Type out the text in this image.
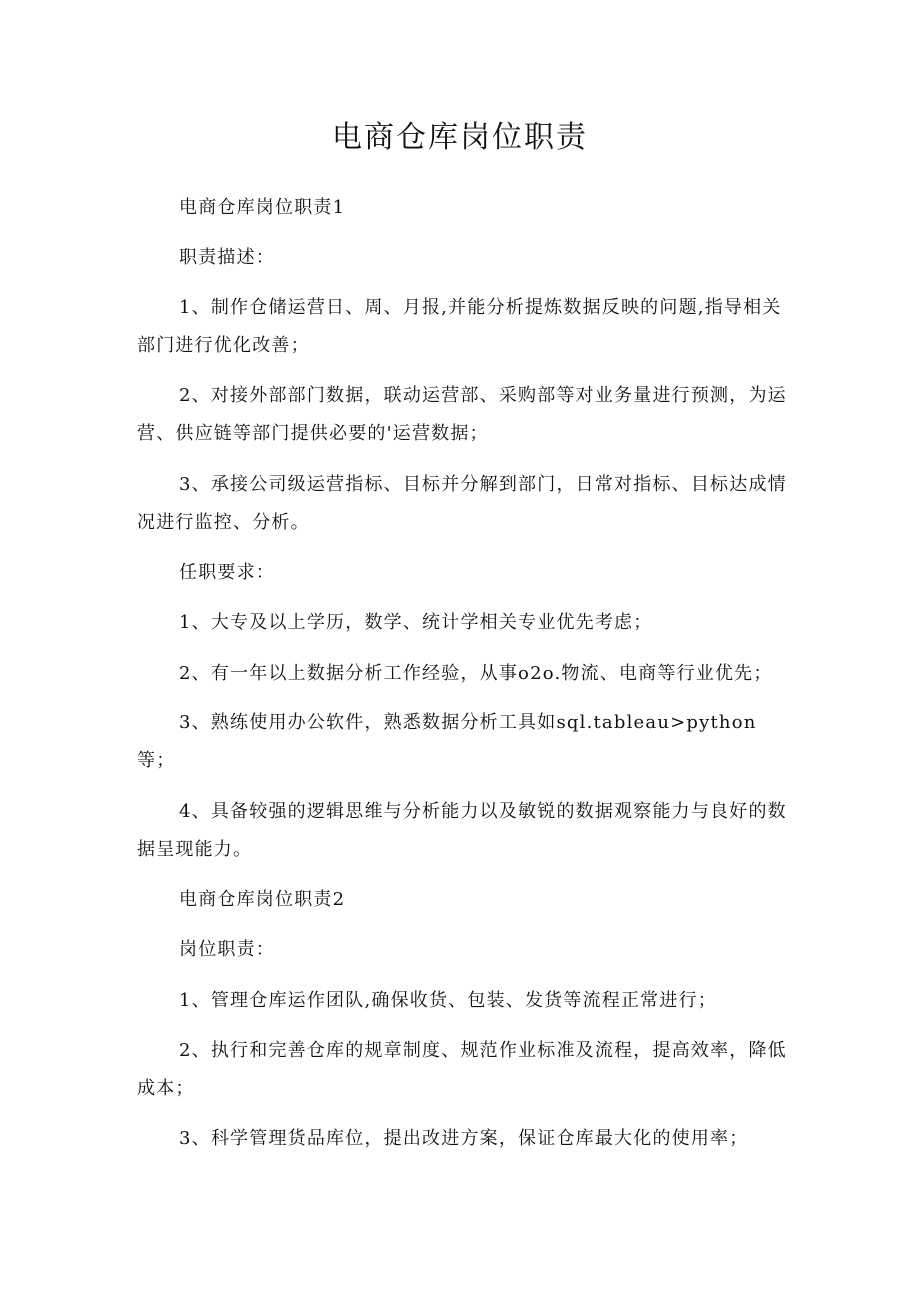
电商仓库岗位职责
电商仓库岗位职责1
职责描述：
1、制作仓储运营日、周、月报,并能分析提炼数据反映的问题,指导相关部门进行优化改善；
2、对接外部部门数据，联动运营部、采购部等对业务量进行预测，为运营、供应链等部门提供必要的'运营数据；
3、承接公司级运营指标、目标并分解到部门，日常对指标、目标达成情况进行监控、分析。
任职要求：
1、大专及以上学历，数学、统计学相关专业优先考虑；
2、有一年以上数据分析工作经验，从事o2o.物流、电商等行业优先；
3、熟练使用办公软件，熟悉数据分析工具如sql.tableau>python等；
4、具备较强的逻辑思维与分析能力以及敏锐的数据观察能力与良好的数据呈现能力。
电商仓库岗位职责2
岗位职责：
1、管理仓库运作团队,确保收货、包装、发货等流程正常进行；
2、执行和完善仓库的规章制度、规范作业标准及流程，提高效率，降低成本；
3、科学管理货品库位，提出改进方案，保证仓库最大化的使用率；
